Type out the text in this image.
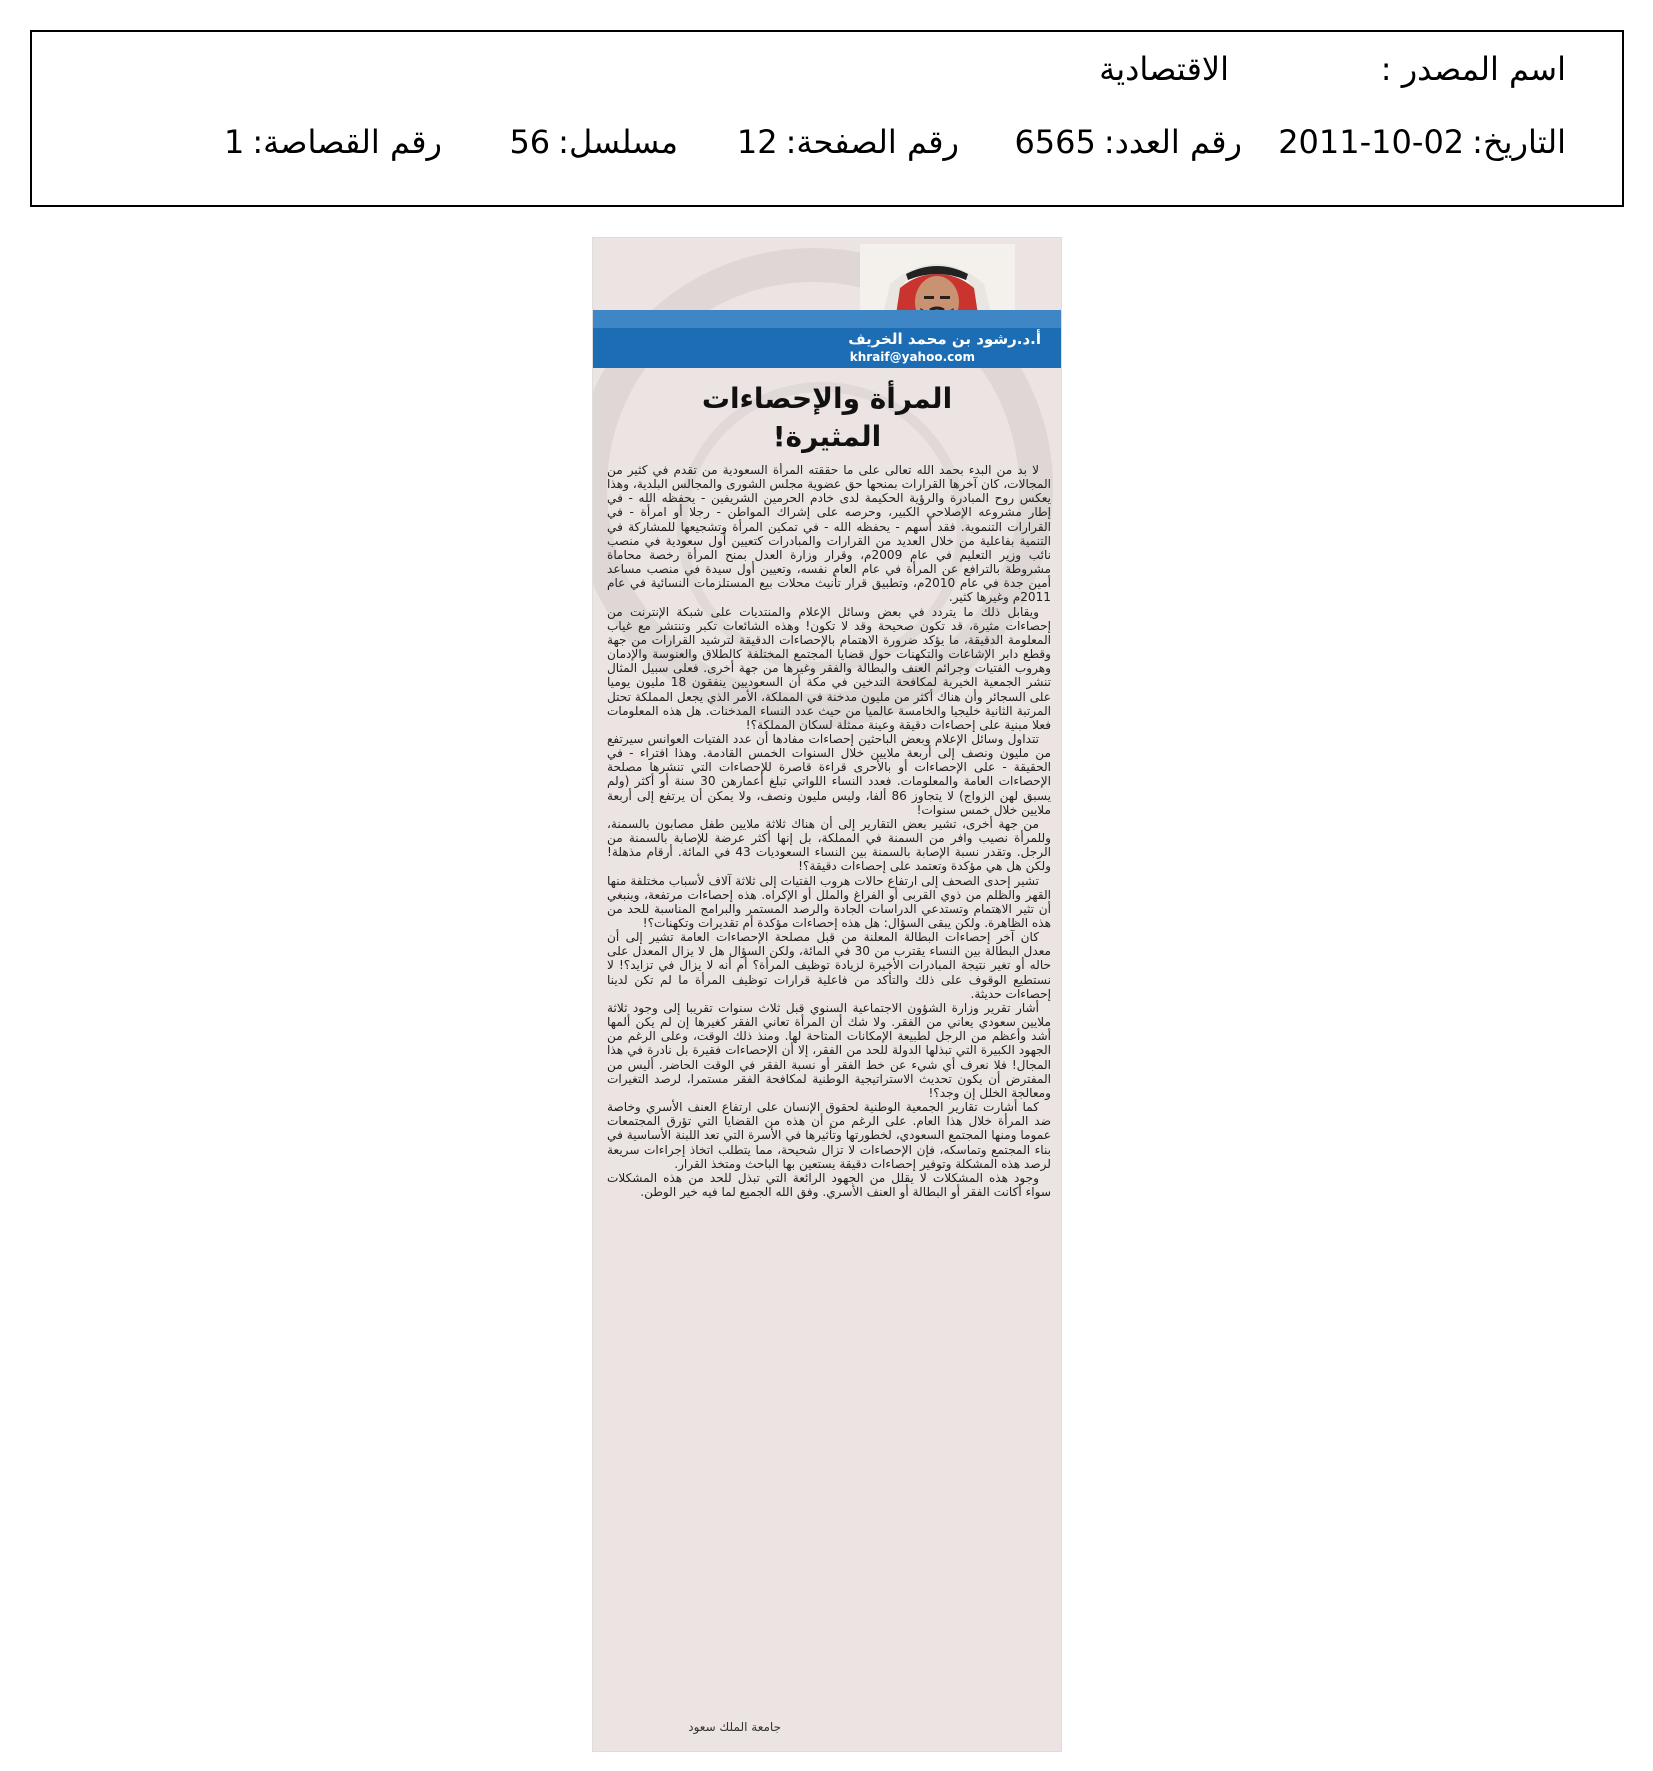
اسم المصدر :
الاقتصادية
التاريخ:2011-10-02
رقم العدد:6565
رقم الصفحة:12
مسلسل:56
رقم القصاصة:1
أ.د.رشود بن محمد الخريف
khraif@yahoo.com
المرأة والإحصاءات
المثيرة!

لا بد من البدء بحمد الله تعالى على ما حققته المرأة السعودية من تقدم في كثير من المجالات، كان آخرها القرارات بمنحها حق عضوية مجلس الشورى والمجالس البلدية، وهذا يعكس روح المبادرة والرؤية الحكيمة لدى خادم الحرمين الشريفين - يحفظه الله - في إطار مشروعه الإصلاحي الكبير، وحرصه على إشراك المواطن - رجلا أو امرأة - في القرارات التنموية. فقد أسهم - يحفظه الله - في تمكين المرأة وتشجيعها للمشاركة في التنمية بفاعلية من خلال العديد من القرارات والمبادرات كتعيين أول سعودية في منصب نائب وزير التعليم في عام 2009م، وقرار وزارة العدل بمنح المرأة رخصة محاماة مشروطة بالترافع عن المرأة في عام العام نفسه، وتعيين أول سيدة في منصب مساعد أمين جدة في عام 2010م، وتطبيق قرار تأنيث محلات بيع المستلزمات النسائية في عام 2011م وغيرها كثير.

ويقابل ذلك ما يتردد في بعض وسائل الإعلام والمنتديات على شبكة الإنترنت من إحصاءات مثيرة، قد تكون صحيحة وقد لا تكون! وهذه الشائعات تكبر وتنتشر مع غياب المعلومة الدقيقة، ما يؤكد ضرورة الاهتمام بالإحصاءات الدقيقة لترشيد القرارات من جهة وقطع دابر الإشاعات والتكهنات حول قضايا المجتمع المختلفة كالطلاق والعنوسة والإدمان وهروب الفتيات وجرائم العنف والبطالة والفقر وغيرها من جهة أخرى. فعلى سبيل المثال تنشر الجمعية الخيرية لمكافحة التدخين في مكة أن السعوديين ينفقون 18 مليون يوميا على السجائر وأن هناك أكثر من مليون مدخنة في المملكة، الأمر الذي يجعل المملكة تحتل المرتبة الثانية خليجيا والخامسة عالميا من حيث عدد النساء المدخنات. هل هذه المعلومات فعلا مبنية على إحصاءات دقيقة وعينة ممثلة لسكان المملكة؟!

تتداول وسائل الإعلام وبعض الباحثين إحصاءات مفادها أن عدد الفتيات العوانس سيرتفع من مليون ونصف إلى أربعة ملايين خلال السنوات الخمس القادمة. وهذا افتراء - في الحقيقة - على الإحصاءات أو بالأحرى قراءة قاصرة للإحصاءات التي تنشرها مصلحة الإحصاءات العامة والمعلومات. فعدد النساء اللواتي تبلغ أعمارهن 30 سنة أو أكثر (ولم يسبق لهن الزواج) لا يتجاوز 86 ألفا، وليس مليون ونصف، ولا يمكن أن يرتفع إلى أربعة ملايين خلال خمس سنوات!

من جهة أخرى، تشير بعض التقارير إلى أن هناك ثلاثة ملايين طفل مصابون بالسمنة، وللمرأة نصيب وافر من السمنة في المملكة، بل إنها أكثر عرضة للإصابة بالسمنة من الرجل. وتقدر نسبة الإصابة بالسمنة بين النساء السعوديات 43 في المائة. أرقام مذهلة! ولكن هل هي مؤكدة وتعتمد على إحصاءات دقيقة؟!

تشير إحدى الصحف إلى ارتفاع حالات هروب الفتيات إلى ثلاثة آلاف لأسباب مختلفة منها القهر والظلم من ذوي القربى أو الفراغ والملل أو الإكراه. هذه إحصاءات مرتفعة، وينبغي أن تثير الاهتمام وتستدعي الدراسات الجادة والرصد المستمر والبرامج المناسبة للحد من هذه الظاهرة. ولكن يبقى السؤال: هل هذه إحصاءات مؤكدة أم تقديرات وتكهنات؟!

كان آخر إحصاءات البطالة المعلنة من قبل مصلحة الإحصاءات العامة تشير إلى أن معدل البطالة بين النساء يقترب من 30 في المائة، ولكن السؤال هل لا يزال المعدل على حاله أو تغير نتيجة المبادرات الأخيرة لزيادة توظيف المرأة؟ أم أنه لا يزال في تزايد؟! لا نستطيع الوقوف على ذلك والتأكد من فاعلية قرارات توظيف المرأة ما لم تكن لدينا إحصاءات حديثة.

أشار تقرير وزارة الشؤون الاجتماعية السنوي قبل ثلاث سنوات تقريبا إلى وجود ثلاثة ملايين سعودي يعاني من الفقر. ولا شك أن المرأة تعاني الفقر كغيرها إن لم يكن ألمها أشد وأعظم من الرجل لطبيعة الإمكانات المتاحة لها. ومنذ ذلك الوقت، وعلى الرغم من الجهود الكبيرة التي تبذلها الدولة للحد من الفقر، إلا أن الإحصاءات فقيرة بل نادرة في هذا المجال! فلا نعرف أي شيء عن خط الفقر أو نسبة الفقر في الوقت الحاضر. أليس من المفترض أن يكون تحديث الاستراتيجية الوطنية لمكافحة الفقر مستمرا، لرصد التغيرات ومعالجة الخلل إن وجد؟!

كما أشارت تقارير الجمعية الوطنية لحقوق الإنسان على ارتفاع العنف الأسري وخاصة ضد المرأة خلال هذا العام. على الرغم من أن هذه من القضايا التي تؤرق المجتمعات عموما ومنها المجتمع السعودي، لخطورتها وتأثيرها في الأسرة التي تعد اللبنة الأساسية في بناء المجتمع وتماسكه، فإن الإحصاءات لا تزال شحيحة، مما يتطلب اتخاذ إجراءات سريعة لرصد هذه المشكلة وتوفير إحصاءات دقيقة يستعين بها الباحث ومتخذ القرار.

وجود هذه المشكلات لا يقلل من الجهود الرائعة التي تبذل للحد من هذه المشكلات سواء أكانت الفقر أو البطالة أو العنف الأسري. وفق الله الجميع لما فيه خير الوطن.

جامعة الملك سعود
